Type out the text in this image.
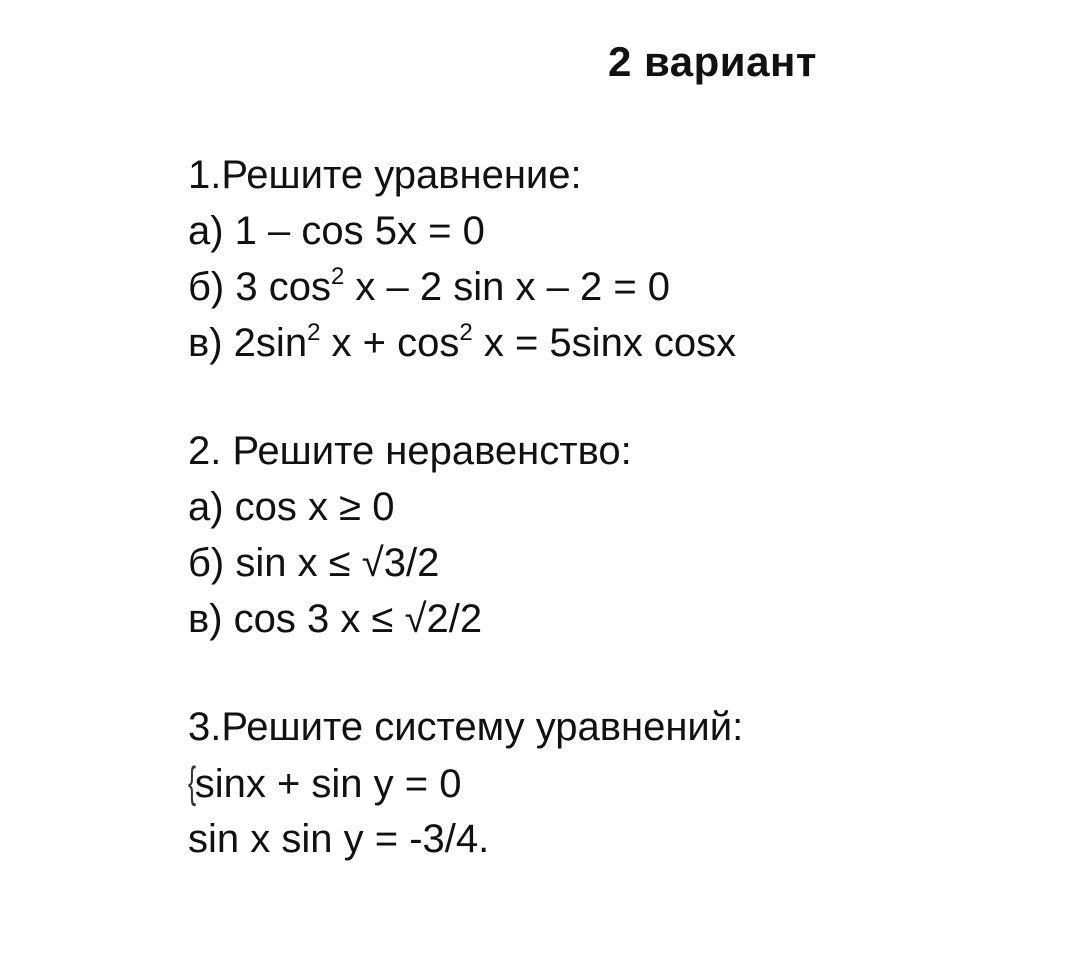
2 вариант
1.Решите уравнение:
а) 1 – cos 5x = 0
б) 3 $\cos^2 x - 2$ sin x – 2 = 0
в) $2\sin^2$ $x + \cos^2 x = 5\sin x$ cosx
2. Решите неравенство:
а) cos x ≥ 0
б) sin x ≤ √3/2
в) cos 3 x ≤ √2/2
3.Решите систему уравнений:
{sinx + sin y = 0
sin x sin y = -3/4.
